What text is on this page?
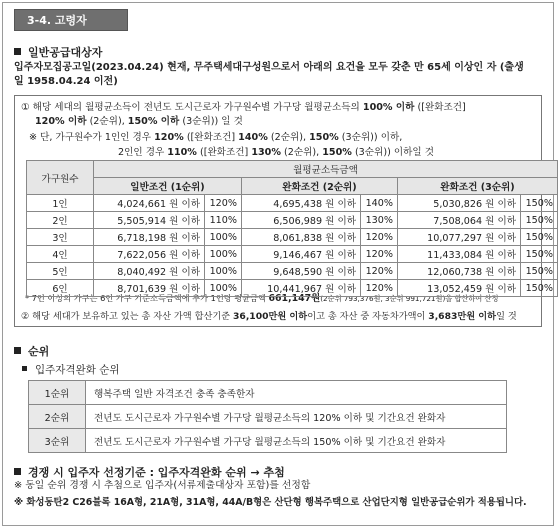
3-4. 고령자
일반공급대상자
입주자모집공고일(2023.04.24) 현재, 무주택세대구성원으로서 아래의 요건을 모두 갖춘 만 65세 이상인 자 (출생
일 1958.04.24 이전)
① 해당 세대의 월평균소득이 전년도 도시근로자 가구원수별 가구당 월평균소득의 100% 이하 ([완화조건]
120% 이하 (2순위), 150% 이하 (3순위)) 일 것
※ 단, 가구원수가 1인인 경우 120% ([완화조건] 140% (2순위), 150% (3순위)) 이하,
2인인 경우 110% ([완화조건] 130% (2순위), 150% (3순위)) 이하일 것
* 7인 이상의 가구는 6인 가구 기준소득금액에 추가 1인당 평균금액 661,147원(2순위 793,376원, 3순위 991,721원)을 합산하여 산정
② 해당 세대가 보유하고 있는 총 자산 가액 합산기준 36,100만원 이하이고 총 자산 중 자동차가액이 3,683만원 이하일 것
가구원수	월평균소득금액					
	일반조건 (1순위)		완화조건 (2순위)		완화조건 (3순위)	
1인	4,024,661 원 이하	120%	4,695,438 원 이하	140%	5,030,826 원 이하	150%
2인	5,505,914 원 이하	110%	6,506,989 원 이하	130%	7,508,064 원 이하	150%
3인	6,718,198 원 이하	100%	8,061,838 원 이하	120%	10,077,297 원 이하	150%
4인	7,622,056 원 이하	100%	9,146,467 원 이하	120%	11,433,084 원 이하	150%
5인	8,040,492 원 이하	100%	9,648,590 원 이하	120%	12,060,738 원 이하	150%
6인	8,701,639 원 이하	100%	10,441,967 원 이하	120%	13,052,459 원 이하	150%
순위
입주자격완화 순위
1순위	행복주택 일반 자격조건 충족 충족한자
2순위	전년도 도시근로자 가구원수별 가구당 월평균소득의 120% 이하 및 기간요건 완화자
3순위	전년도 도시근로자 가구원수별 가구당 월평균소득의 150% 이하 및 기간요건 완화자
경쟁 시 입주자 선정기준 : 입주자격완화 순위 → 추첨
※ 동일 순위 경쟁 시 추첨으로 입주자(서류제출대상자 포함)를 선정함
※ 화성동탄2 C26블록 16A형, 21A형, 31A형, 44A/B형은 산단형 행복주택으로 산업단지형 일반공급순위가 적용됩니다.
